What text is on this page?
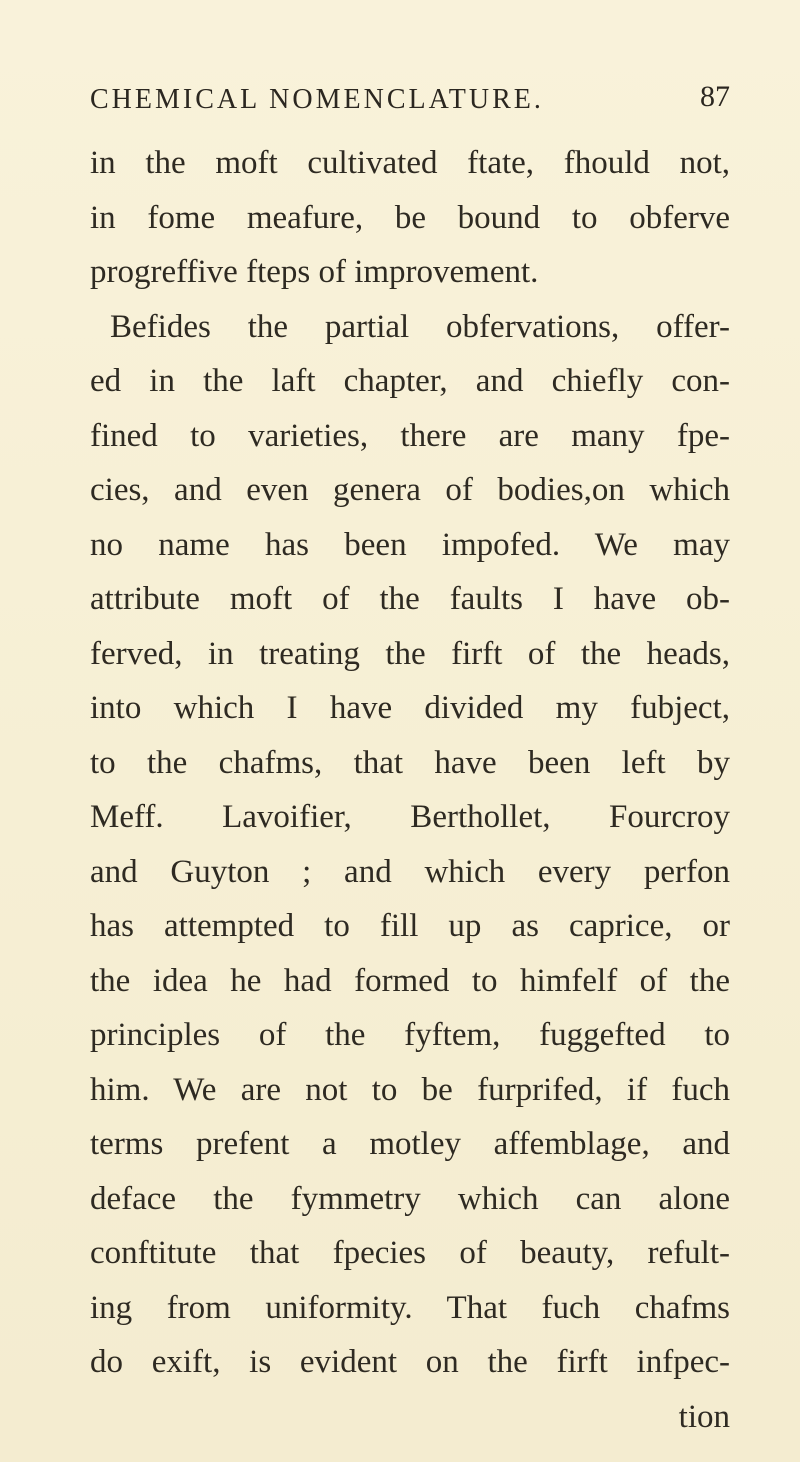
CHEMICAL NOMENCLATURE.	87
in the moft cultivated ftate, fhould not,
in fome meafure, be bound to obferve
progreffive fteps of improvement.
Befides the partial obfervations, offer-
ed in the laft chapter, and chiefly con-
fined to varieties, there are many fpe-
cies, and even genera of bodies,on which
no name has been impofed. We may
attribute moft of the faults I have ob-
ferved, in treating the firft of the heads,
into which I have divided my fubject,
to the chafms, that have been left by
Meff. Lavoifier, Berthollet, Fourcroy
and Guyton ; and which every perfon
has attempted to fill up as caprice, or
the idea he had formed to himfelf of the
principles of the fyftem, fuggefted to
him. We are not to be furprifed, if fuch
terms prefent a motley affemblage, and
deface the fymmetry which can alone
conftitute that fpecies of beauty, refult-
ing from uniformity. That fuch chafms
do exift, is evident on the firft infpec-
tion
